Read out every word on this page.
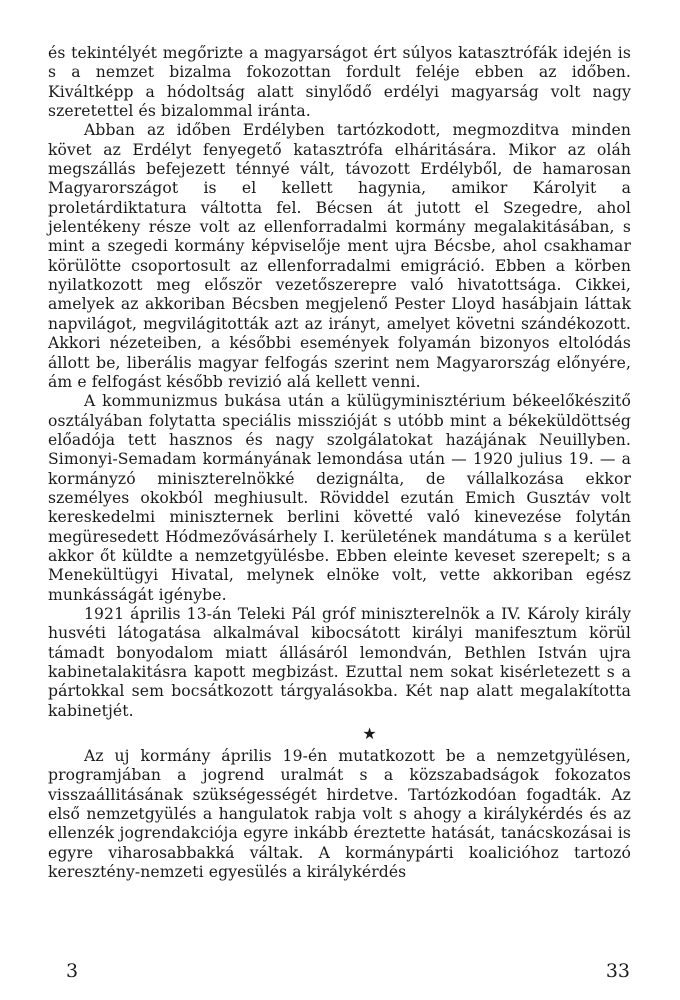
és tekintélyét megőrizte a magyarságot ért súlyos katasztrófák idején is s a nemzet bizalma fokozottan fordult feléje ebben az időben. Kiváltképp a hódoltság alatt sinylődő erdélyi magyarság volt nagy szeretettel és bizalommal iránta.

Abban az időben Erdélyben tartózkodott, megmozditva minden követ az Erdélyt fenyegető katasztrófa elháritására. Mikor az oláh megszállás befejezett ténnyé vált, távozott Erdélyből, de hamarosan Magyarországot is el kellett hagynia, amikor Károlyit a proletárdiktatura váltotta fel. Bécsen át jutott el Szegedre, ahol jelentékeny része volt az ellenforradalmi kormány megalakitásában, s mint a szegedi kormány képviselője ment ujra Bécsbe, ahol csakhamar körülötte csoportosult az ellenforradalmi emigráció. Ebben a körben nyilatkozott meg először vezetőszerepre való hivatottsága. Cikkei, amelyek az akkoriban Bécsben megjelenő Pester Lloyd hasábjain láttak napvilágot, megvilágitották azt az irányt, amelyet követni szándékozott. Akkori nézeteiben, a későbbi események folyamán bizonyos eltolódás állott be, liberális magyar felfogás szerint nem Magyarország előnyére, ám e felfogást később revizió alá kellett venni.

A kommunizmus bukása után a külügyminisztérium békeelőkészitő osztályában folytatta speciális misszióját s utóbb mint a békeküldöttség előadója tett hasznos és nagy szolgálatokat hazájának Neuillyben. Simonyi-Semadam kormányának lemondása után — 1920 julius 19. — a kormányzó miniszterelnökké dezignálta, de vállalkozása ekkor személyes okokból meghiusult. Röviddel ezután Emich Gusztáv volt kereskedelmi miniszternek berlini követté való kinevezése folytán megüresedett Hódmezővásárhely I. kerületének mandátuma s a kerület akkor őt küldte a nemzetgyülésbe. Ebben eleinte keveset szerepelt; s a Menekültügyi Hivatal, melynek elnöke volt, vette akkoriban egész munkásságát igénybe.

1921 április 13-án Teleki Pál gróf miniszterelnök a IV. Károly király husvéti látogatása alkalmával kibocsátott királyi manifesztum körül támadt bonyodalom miatt állásáról lemondván, Bethlen István ujra kabinetalakitásra kapott megbizást. Ezuttal nem sokat kisérletezett s a pártokkal sem bocsátkozott tárgyalásokba. Két nap alatt megalakította kabinetjét.

★

Az uj kormány április 19-én mutatkozott be a nemzetgyülésen, programjában a jogrend uralmát s a közszabadságok fokozatos visszaállitásának szükségességét hirdetve. Tartózkodóan fogadták. Az első nemzetgyülés a hangulatok rabja volt s ahogy a királykérdés és az ellenzék jogrendakciója egyre inkább éreztette hatását, tanácskozásai is egyre viharosabbakká váltak. A kormánypárti koalicióhoz tartozó keresztény-nemzeti egyesülés a királykérdés

3	33
